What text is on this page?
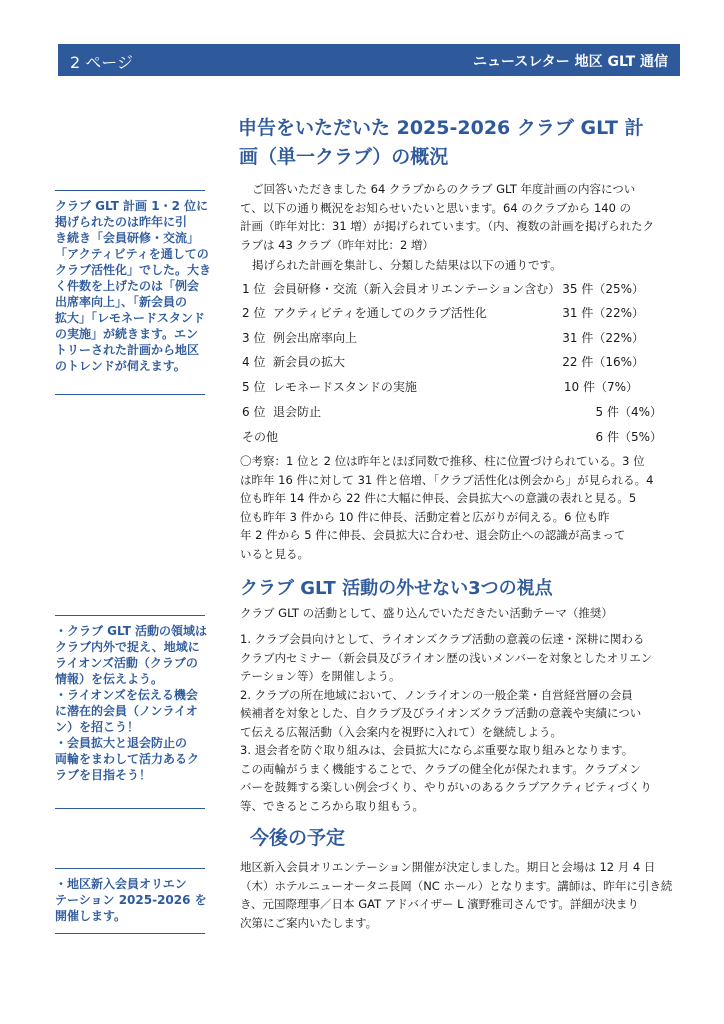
2 ページ	ニュースレター 地区 GLT 通信
申告をいただいた 2025-2026 クラブ GLT 計
画（単一クラブ）の概況
クラブ GLT 計画 1・2 位に
掲げられたのは昨年に引
き続き「会員研修・交流」
「アクティビティを通しての
クラブ活性化」でした。大き
く件数を上げたのは「例会
出席率向上」、「新会員の
拡大」「レモネードスタンド
の実施」が続きます。エン
トリーされた計画から地区
のトレンドが伺えます。
ご回答いただきました 64 クラブからのクラブ GLT 年度計画の内容につい
て、以下の通り概況をお知らせいたいと思います。64 のクラブから 140 の
計画（昨年対比：31 増）が掲げられています。（内、複数の計画を掲げられたク
ラブは 43 クラブ（昨年対比：2 増）
掲げられた計画を集計し、分類した結果は以下の通りです。
1 位 会員研修・交流（新入会員オリエンテーション含む） 35 件（25%）
2 位 アクティビティを通してのクラブ活性化	31 件（22%）
3 位 例会出席率向上	31 件（22%）
4 位 新会員の拡大	22 件（16%）
5 位 レモネードスタンドの実施	10 件（7%）
6 位 退会防止	5 件（4%）
その他	6 件（5%）
〇考察：1 位と 2 位は昨年とほぼ同数で推移、柱に位置づけられている。3 位
は昨年 16 件に対して 31 件と倍増、「クラブ活性化は例会から」が見られる。4
位も昨年 14 件から 22 件に大幅に伸長、会員拡大への意識の表れと見る。5
位も昨年 3 件から 10 件に伸長、活動定着と広がりが伺える。6 位も昨
年 2 件から 5 件に伸長、会員拡大に合わせ、退会防止への認識が高まって
いると見る。
クラブ GLT 活動の外せない3つの視点
・クラブ GLT 活動の領域は
クラブ内外で捉え、地域に
ライオンズ活動（クラブの
情報）を伝えよう。
・ライオンズを伝える機会
に潜在的会員（ノンライオ
ン）を招こう！
・会員拡大と退会防止の
両輪をまわして活力あるク
ラブを目指そう！
クラブ GLT の活動として、盛り込んでいただきたい活動テーマ（推奨）
1. クラブ会員向けとして、ライオンズクラブ活動の意義の伝達・深耕に関わる
クラブ内セミナー（新会員及びライオン歴の浅いメンバーを対象としたオリエン
テーション等）を開催しよう。
2. クラブの所在地域において、ノンライオンの一般企業・自営経営層の会員
候補者を対象とした、自クラブ及びライオンズクラブ活動の意義や実績につい
て伝える広報活動（入会案内を視野に入れて）を継続しよう。
3. 退会者を防ぐ取り組みは、会員拡大にならぶ重要な取り組みとなります。
この両輪がうまく機能することで、クラブの健全化が保たれます。クラブメン
バーを鼓舞する楽しい例会づくり、やりがいのあるクラブアクティビティづくり
等、できるところから取り組もう。
今後の予定
・地区新入会員オリエン
テーション 2025-2026 を
開催します。
地区新入会員オリエンテーション開催が決定しました。期日と会場は 12 月 4 日
（木）ホテルニューオータニ長岡（NC ホール）となります。講師は、昨年に引き続
き、元国際理事／日本 GAT アドバイザー L 濱野雅司さんです。詳細が決まり
次第にご案内いたします。
